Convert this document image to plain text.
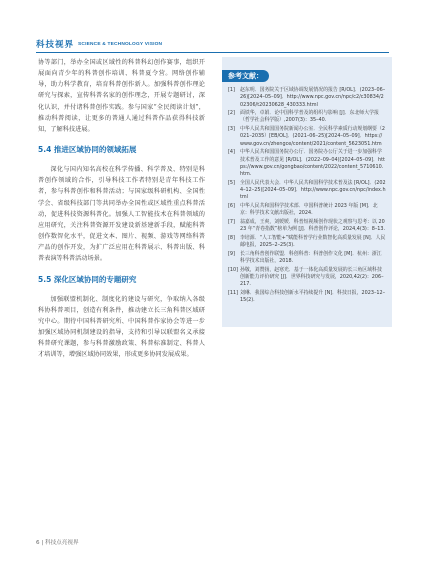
科技视界 SCIENCE & TECHNOLOGY VISION

协等部门，举办全国或区域性的科普科幻创作赛事，组织开展面向青少年的科普创作培训、科普夏令营。网络创作辅导，助力科学教育，培育科普创作新人。加强科普创作理论研究与探索，宣传科普名家的创作理念，开展专题研讨，深化认识，并付诸科普创作实践。参与国家“全民阅读计划”，推动科普阅读，让更多的普通人通过科普作品获得科技新知，了解科技进展。

5.4 推进区域协同的领域拓展

深化与国内知名高校在科学传播、科学普及、特别是科普创作领域的合作，引导科技工作者特别是青年科技工作者，参与科普创作和科普活动；与国家级科研机构、全国性学会、省级科技部门等共同举办全国性或区域性重点科普活动，促进科技资源科普化。加强人工智能技术在科普领域的应用研究，关注科普资源开发建设新基建新手段，赋能科普创作数智化水平，促进文本、图片、视频、游戏等网络科普产品的创作开发，为扩广泛应用在科普展示、科普出版、科普表演等科普活动场景。

5.5 深化区域协同的专题研究

加强联盟机制化、制度化的建设与研究，争取纳入各级科协科普项目，创造有利条件，推动建立长三角科普区域研究中心。期待中国科普研究所、中国科普作家协会等进一步加强区域协同机制建设的指导，支持和引导以联盟名义承接科普研究课题，参与科普激励政策、科普标准制定、科普人才培训等，增强区域协同效果，形成更多协同发展成果。

参考文献：
[1]	赵东明．国务院关于区域协调发展情况的报告 [R/OL]．(2023–06–26)[2024–05–09]．http://www.npc.gov.cn/npc/c2/c30834/202306/t20230628_430333.html
[2]	面铁华，卓娟．论中国科学普及的组织与影响 [J]．东北师大学报（哲学社会科学版）,2007(3)：35–40.
[3]	中华人民共和国国务院新闻办公室．全民科学素质行动规划纲要（2021–2035）[EB/OL]．(2021–06–25)[2024–05–09]．https://www.gov.cn/zhengce/content/2021/content_5623051.htm
[4]	中华人民共和国国务院办公厅．国务院办公厅关于进一步加强科学技术普及工作的意见 [R/OL]．(2022–09–04)[2024–05–09]．https://www.gov.cn/gongbao/content/2022/content_5710610.htm.
[5]	全国人民代表大会．中华人民共和国科学技术普及法 [R/OL]．(2024–12–25)[2024–05–09]．http://www.npc.gov.cn/npc/index.html
[6]	中华人民共和国科学技术部．中国科普统计 2023 年版 [M]．北京：科学技术文献出版社，2024.
[7]	翁嘉成，王爽，刘媛媛．科普短视频创作现状之观察与思考：以 2023 年“青卷指数”榜单为例 [J]．科普创作评论，2024,4(3)：8–13.
[8]	李培源．“人工智能+”赋能科普学行业数智化高质量发展 [N]．人民邮电报，2025–2–25(3).
[9]	长三角科普创作联盟．科创科普：科普创作文化 [M]．杭州：浙江科学技术出版社，2018.
[10] 孙敬，刘赞扬，赵寒光．基于一体化高质量发展的长三角区域科技创新能力评价研究 [J]．世界科技研究与发展，2020,42(2)：206–217.
[11] 刘琳．我国综合科技创新水平持续提升 [N]．科技日报，2023–12–15(2).
6 | 科技点亮视界
